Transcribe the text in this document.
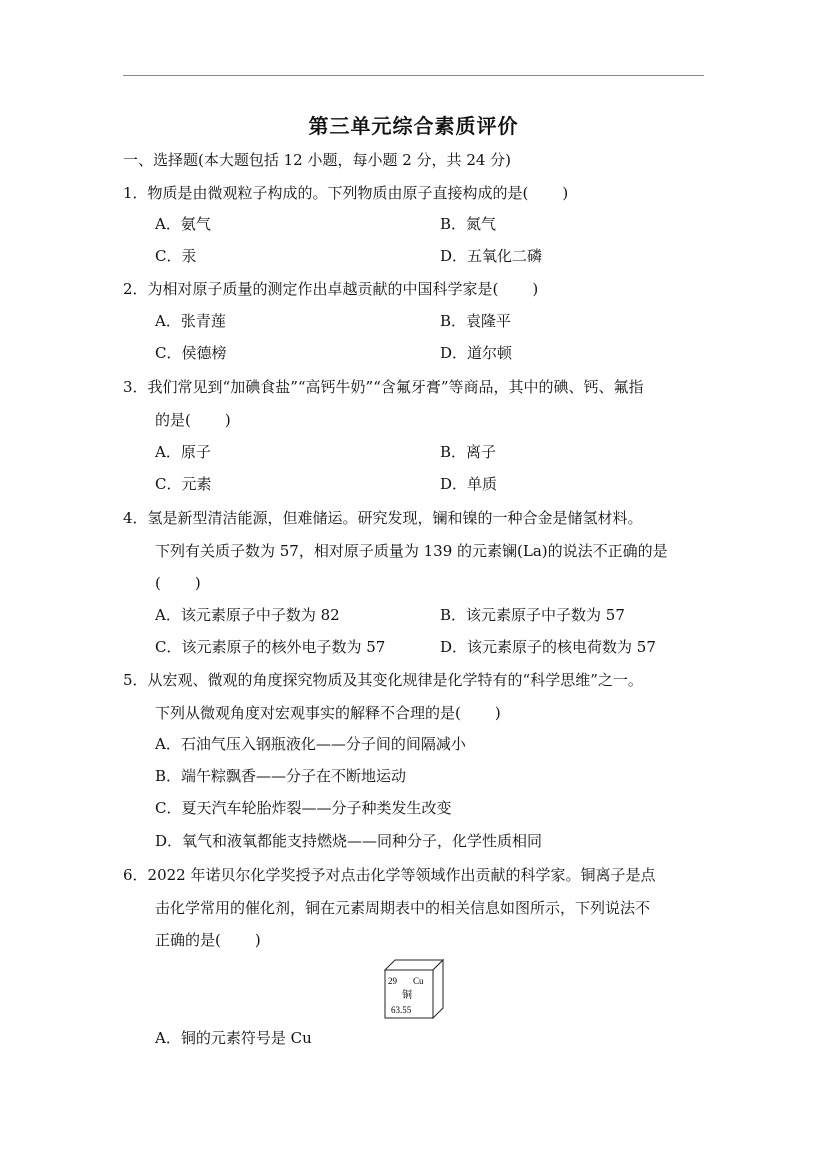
第三单元综合素质评价
一、选择题(本大题包括 12 小题，每小题 2 分，共 24 分)
1．物质是由微观粒子构成的。下列物质由原子直接构成的是( )
A．氨气	B．氮气
C．汞	D．五氧化二磷
2．为相对原子质量的测定作出卓越贡献的中国科学家是( )
A．张青莲	B．袁隆平
C．侯德榜	D．道尔顿
3．我们常见到“加碘食盐”“高钙牛奶”“含氟牙膏”等商品，其中的碘、钙、氟指
的是( )
A．原子	B．离子
C．元素	D．单质
4．氢是新型清洁能源，但难储运。研究发现，镧和镍的一种合金是储氢材料。
下列有关质子数为 57，相对原子质量为 139 的元素镧(La)的说法不正确的是
( )
A．该元素原子中子数为 82	B．该元素原子中子数为 57
C．该元素原子的核外电子数为 57	D．该元素原子的核电荷数为 57
5．从宏观、微观的角度探究物质及其变化规律是化学特有的“科学思维”之一。
下列从微观角度对宏观事实的解释不合理的是( )
A．石油气压入钢瓶液化——分子间的间隔减小
B．端午粽飘香——分子在不断地运动
C．夏天汽车轮胎炸裂——分子种类发生改变
D．氧气和液氧都能支持燃烧——同种分子，化学性质相同
6．2022 年诺贝尔化学奖授予对点击化学等领域作出贡献的科学家。铜离子是点
击化学常用的催化剂，铜在元素周期表中的相关信息如图所示，下列说法不
正确的是( )
29 Cu
铜
63.55
A．铜的元素符号是 Cu
